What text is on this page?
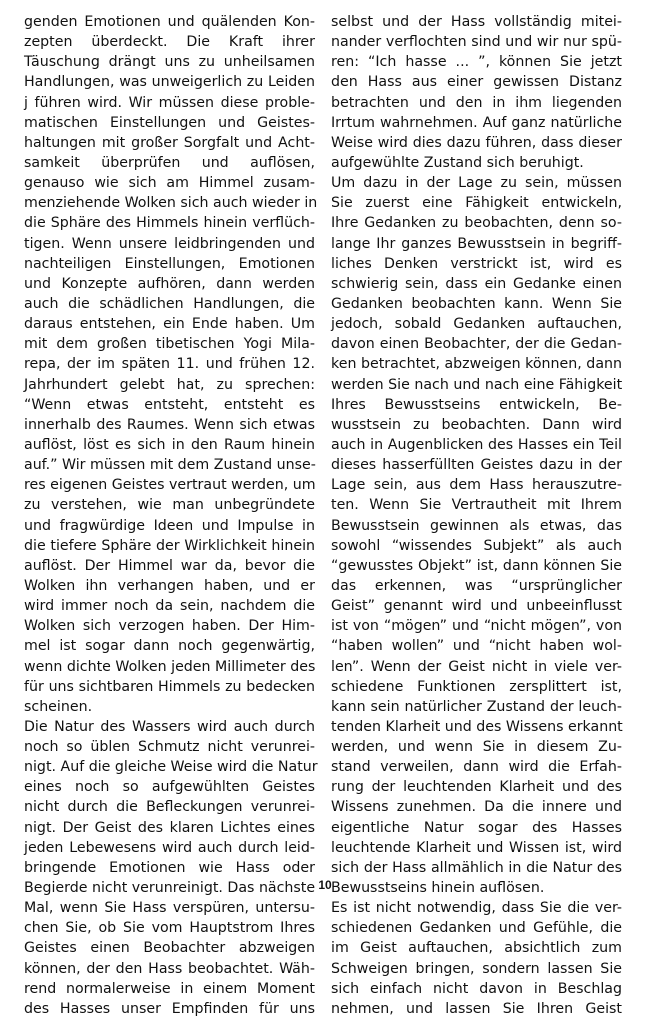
genden Emotionen und quälenden Kon-
zepten überdeckt. Die Kraft ihrer
Täuschung drängt uns zu unheilsamen
Handlungen, was unweigerlich zu Leiden
j führen wird. Wir müssen diese proble-
matischen Einstellungen und Geistes-
haltungen mit großer Sorgfalt und Acht-
samkeit überprüfen und auflösen,
genauso wie sich am Himmel zusam-
menziehende Wolken sich auch wieder in
die Sphäre des Himmels hinein verflüch-
tigen. Wenn unsere leidbringenden und
nachteiligen Einstellungen, Emotionen
und Konzepte aufhören, dann werden
auch die schädlichen Handlungen, die
daraus entstehen, ein Ende haben. Um
mit dem großen tibetischen Yogi Mila-
repa, der im späten 11. und frühen 12.
Jahrhundert gelebt hat, zu sprechen:
“Wenn etwas entsteht, entsteht es
innerhalb des Raumes. Wenn sich etwas
auflöst, löst es sich in den Raum hinein
auf.” Wir müssen mit dem Zustand unse-
res eigenen Geistes vertraut werden, um
zu verstehen, wie man unbegründete
und fragwürdige Ideen und Impulse in
die tiefere Sphäre der Wirklichkeit hinein
auflöst. Der Himmel war da, bevor die
Wolken ihn verhangen haben, und er
wird immer noch da sein, nachdem die
Wolken sich verzogen haben. Der Him-
mel ist sogar dann noch gegenwärtig,
wenn dichte Wolken jeden Millimeter des
für uns sichtbaren Himmels zu bedecken
scheinen.
Die Natur des Wassers wird auch durch
noch so üblen Schmutz nicht verunrei-
nigt. Auf die gleiche Weise wird die Natur
eines noch so aufgewühlten Geistes
nicht durch die Befleckungen verunrei-
nigt. Der Geist des klaren Lichtes eines
jeden Lebewesens wird auch durch leid-
bringende Emotionen wie Hass oder
Begierde nicht verunreinigt. Das nächste
Mal, wenn Sie Hass verspüren, untersu-
chen Sie, ob Sie vom Hauptstrom Ihres
Geistes einen Beobachter abzweigen
können, der den Hass beobachtet. Wäh-
rend normalerweise in einem Moment
des Hasses unser Empfinden für uns
selbst und der Hass vollständig mitei-
nander verflochten sind und wir nur spü-
ren: “Ich hasse ... ”, können Sie jetzt
den Hass aus einer gewissen Distanz
betrachten und den in ihm liegenden
Irrtum wahrnehmen. Auf ganz natürliche
Weise wird dies dazu führen, dass dieser
aufgewühlte Zustand sich beruhigt.
Um dazu in der Lage zu sein, müssen
Sie zuerst eine Fähigkeit entwickeln,
Ihre Gedanken zu beobachten, denn so-
lange Ihr ganzes Bewusstsein in begriff-
liches Denken verstrickt ist, wird es
schwierig sein, dass ein Gedanke einen
Gedanken beobachten kann. Wenn Sie
jedoch, sobald Gedanken auftauchen,
davon einen Beobachter, der die Gedan-
ken betrachtet, abzweigen können, dann
werden Sie nach und nach eine Fähigkeit
Ihres Bewusstseins entwickeln, Be-
wusstsein zu beobachten. Dann wird
auch in Augenblicken des Hasses ein Teil
dieses hasserfüllten Geistes dazu in der
Lage sein, aus dem Hass herauszutre-
ten. Wenn Sie Vertrautheit mit Ihrem
Bewusstsein gewinnen als etwas, das
sowohl “wissendes Subjekt” als auch
“gewusstes Objekt” ist, dann können Sie
das erkennen, was “ursprünglicher
Geist” genannt wird und unbeeinflusst
ist von “mögen” und “nicht mögen”, von
“haben wollen” und “nicht haben wol-
len”. Wenn der Geist nicht in viele ver-
schiedene Funktionen zersplittert ist,
kann sein natürlicher Zustand der leuch-
tenden Klarheit und des Wissens erkannt
werden, und wenn Sie in diesem Zu-
stand verweilen, dann wird die Erfah-
rung der leuchtenden Klarheit und des
Wissens zunehmen. Da die innere und
eigentliche Natur sogar des Hasses
leuchtende Klarheit und Wissen ist, wird
sich der Hass allmählich in die Natur des
Bewusstseins hinein auflösen.
Es ist nicht notwendig, dass Sie die ver-
schiedenen Gedanken und Gefühle, die
im Geist auftauchen, absichtlich zum
Schweigen bringen, sondern lassen Sie
sich einfach nicht davon in Beschlag
nehmen, und lassen Sie Ihren Geist
10
